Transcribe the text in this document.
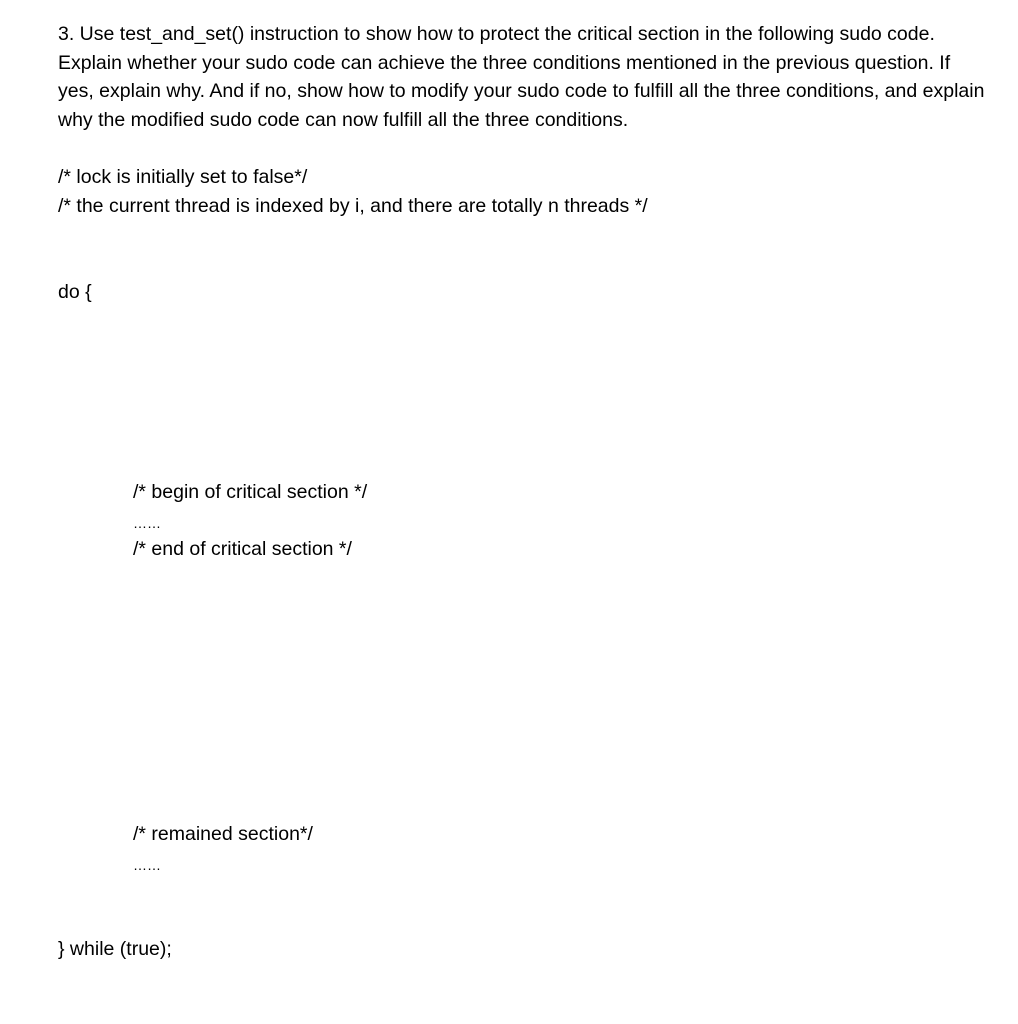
3. Use test_and_set() instruction to show how to protect the critical section in the following sudo code. Explain whether your sudo code can achieve the three conditions mentioned in the previous question. If yes, explain why. And if no, show how to modify your sudo code to fulfill all the three conditions, and explain why the modified sudo code can now fulfill all the three conditions.

/* lock is initially set to false*/
/* the current thread is indexed by i, and there are totally n threads */
do {
/* begin of critical section */
……
/* end of critical section */
/* remained section*/
……
} while (true);
